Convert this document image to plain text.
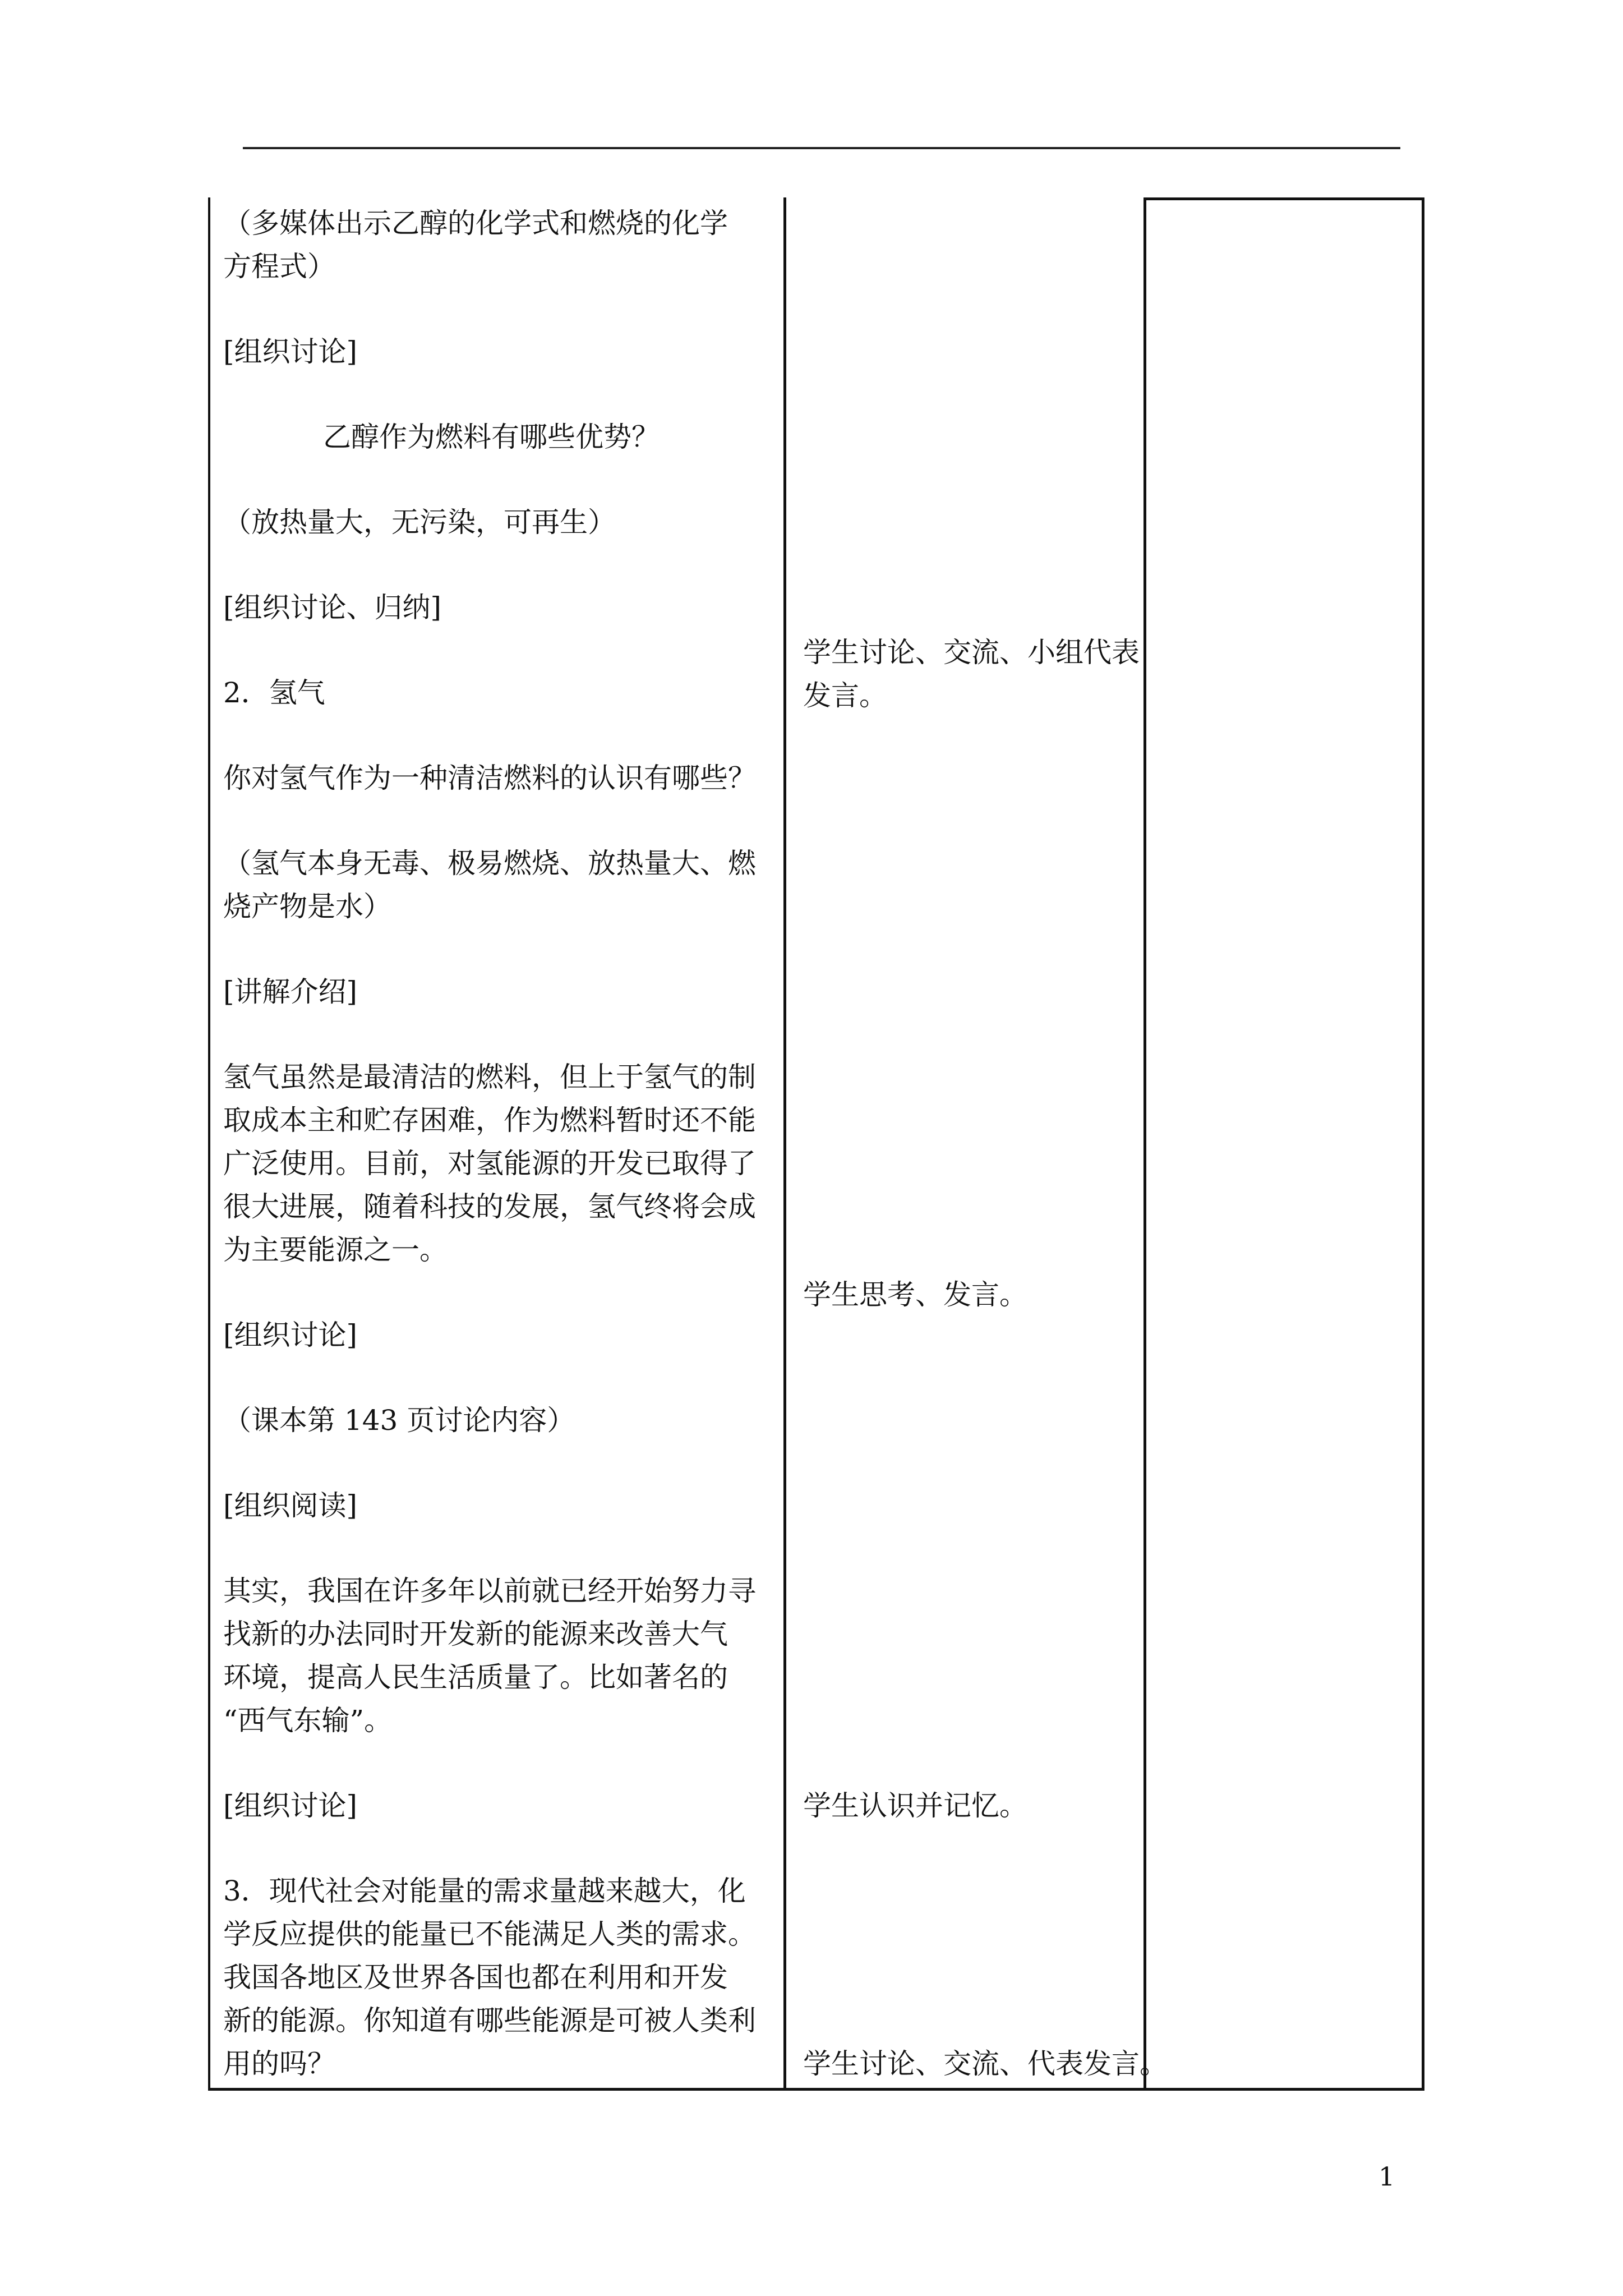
（多媒体出示乙醇的化学式和燃烧的化学
方程式）
[组织讨论]
乙醇作为燃料有哪些优势？
（放热量大，无污染，可再生）
[组织讨论、归纳]
2．氢气
你对氢气作为一种清洁燃料的认识有哪些？
（氢气本身无毒、极易燃烧、放热量大、燃
烧产物是水）
[讲解介绍]
氢气虽然是最清洁的燃料，但上于氢气的制
取成本主和贮存困难，作为燃料暂时还不能
广泛使用。目前，对氢能源的开发已取得了
很大进展，随着科技的发展，氢气终将会成
为主要能源之一。
[组织讨论]
（课本第 143 页讨论内容）
[组织阅读]
其实，我国在许多年以前就已经开始努力寻
找新的办法同时开发新的能源来改善大气
环境，提高人民生活质量了。比如著名的
“西气东输”。
[组织讨论]
3．现代社会对能量的需求量越来越大，化
学反应提供的能量已不能满足人类的需求。
我国各地区及世界各国也都在利用和开发
新的能源。你知道有哪些能源是可被人类利
用的吗？
学生讨论、交流、小组代表
发言。
学生思考、发言。
学生认识并记忆。
学生讨论、交流、代表发言。
1
